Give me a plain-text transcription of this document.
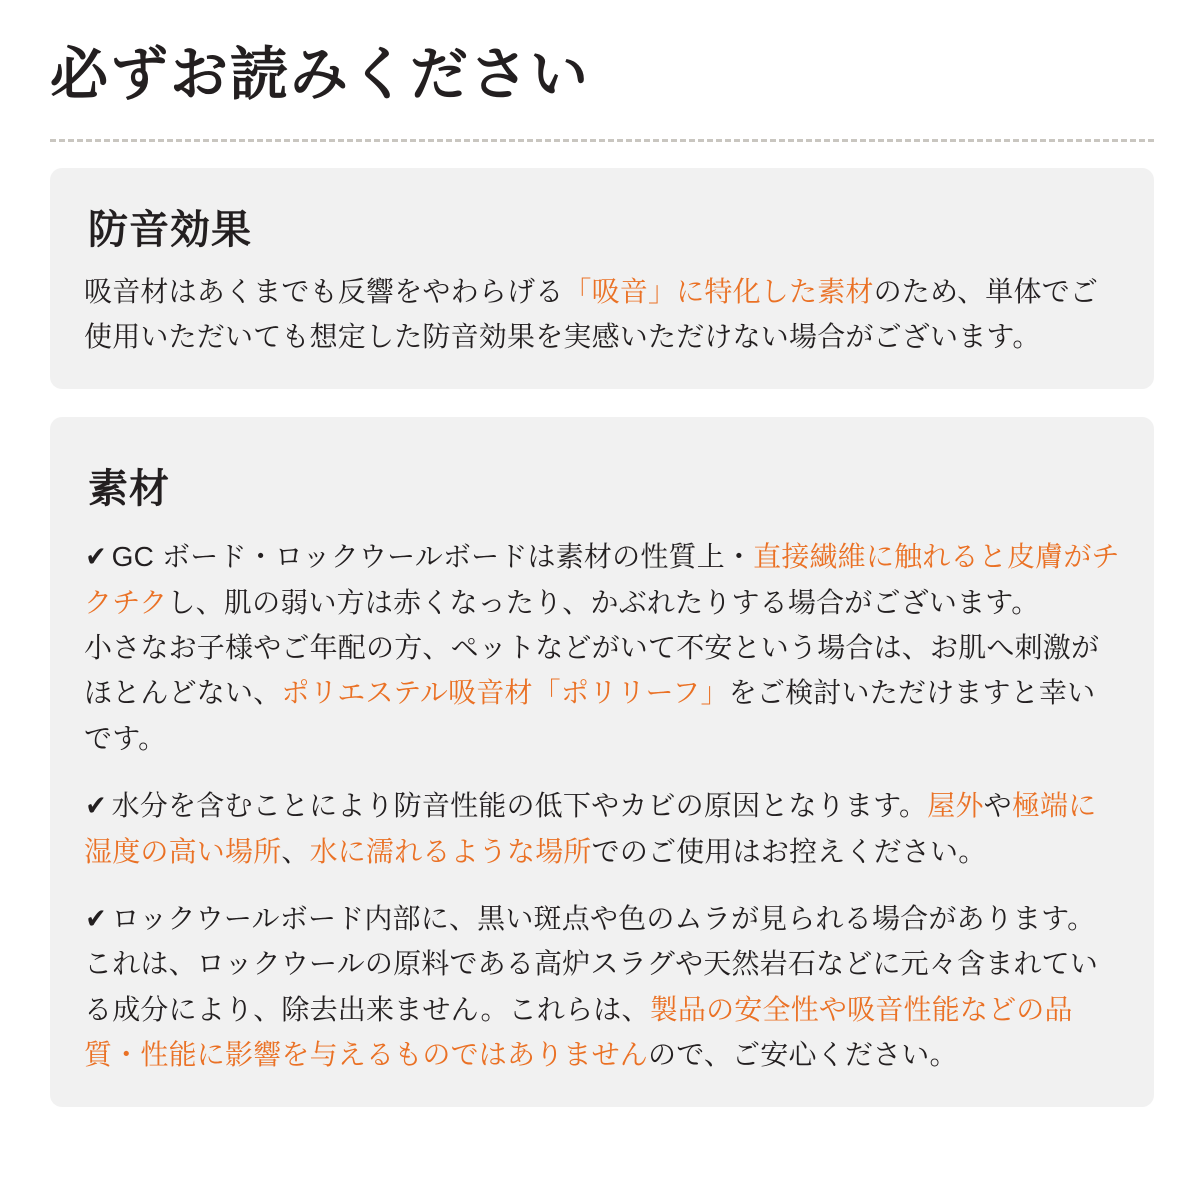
必ずお読みください
防音効果

吸音材はあくまでも反響をやわらげる「吸音」に特化した素材のため、単体でご使用いただいても想定した防音効果を実感いただけない場合がございます。

素材

✔ GC ボード・ロックウールボードは素材の性質上・直接繊維に触れると皮膚がチクチクし、肌の弱い方は赤くなったり、かぶれたりする場合がございます。

小さなお子様やご年配の方、ペットなどがいて不安という場合は、お肌へ刺激がほとんどない、ポリエステル吸音材「ポリリーフ」をご検討いただけますと幸いです。

✔ 水分を含むことにより防音性能の低下やカビの原因となります。屋外や極端に湿度の高い場所、水に濡れるような場所でのご使用はお控えください。

✔ ロックウールボード内部に、黒い斑点や色のムラが見られる場合があります。これは、ロックウールの原料である高炉スラグや天然岩石などに元々含まれている成分により、除去出来ません。これらは、製品の安全性や吸音性能などの品質・性能に影響を与えるものではありませんので、ご安心ください。
